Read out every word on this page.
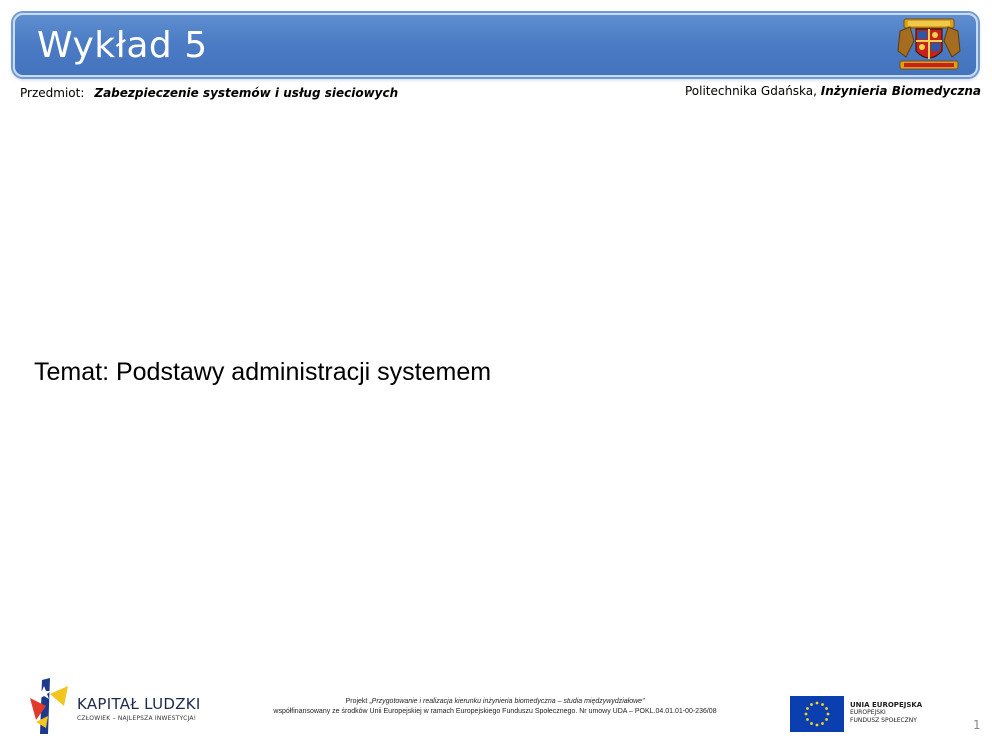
Wykład 5
Przedmiot: Zabezpieczenie systemów i usług sieciowych	Politechnika Gdańska, Inżynieria Biomedyczna
Temat: Podstawy administracji systemem
KAPITAŁ LUDZKI
CZŁOWIEK – NAJLEPSZA INWESTYCJA!
Projekt „Przygotowanie i realizacja kierunku inżynieria biomedyczna – studia międzywydziałowe”
współfinansowany ze środków Unii Europejskiej w ramach Europejskiego Funduszu Społecznego. Nr umowy UDA – POKL.04.01.01-00-236/08
UNIA EUROPEJSKA
EUROPEJSKI
FUNDUSZ SPOŁECZNY	1
